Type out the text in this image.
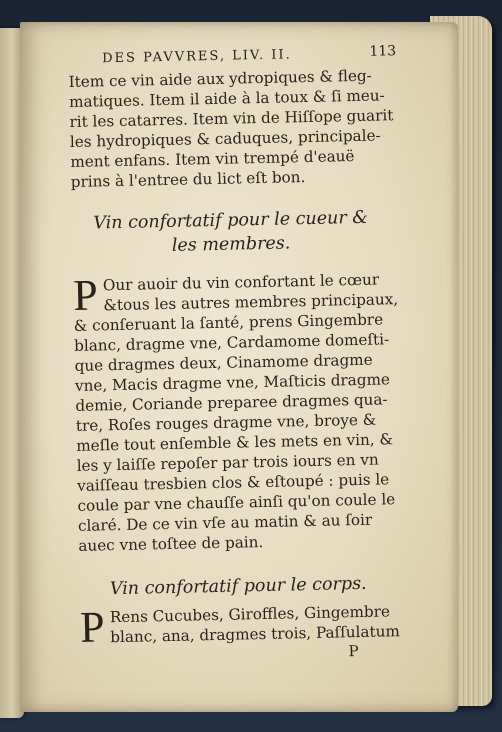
DES PAVVRES, LIV. II.	113

Item ce vin aide aux ydropiques & fleg-

matiques. Item il aide à la toux & ſi meu-

rit les catarres. Item vin de Hiſſope guarit

les hydropiques & caduques, principale-

ment enfans. Item vin trempé d'eauë

prins à l'entree du lict eſt bon.

Vin confortatif pour le cueur &

les membres.

P Our auoir du vin confortant le cœur

&tous les autres membres principaux,

& conſeruant la ſanté, prens Gingembre

blanc, dragme vne, Cardamome domeſti-

que dragmes deux, Cinamome dragme

vne, Macis dragme vne, Maſticis dragme

demie, Coriande preparee dragmes qua-

tre, Roſes rouges dragme vne, broye &

meſle tout enſemble & les mets en vin, &

les y laiſſe repoſer par trois iours en vn

vaiſſeau tresbien clos & eſtoupé : puis le

coule par vne chauſſe ainſi qu'on coule le

claré. De ce vin vſe au matin & au ſoir

auec vne toſtee de pain.

Vin confortatif pour le corps.

P Rens Cucubes, Giroffles, Gingembre

blanc, ana, dragmes trois, Paſſulatum

P
